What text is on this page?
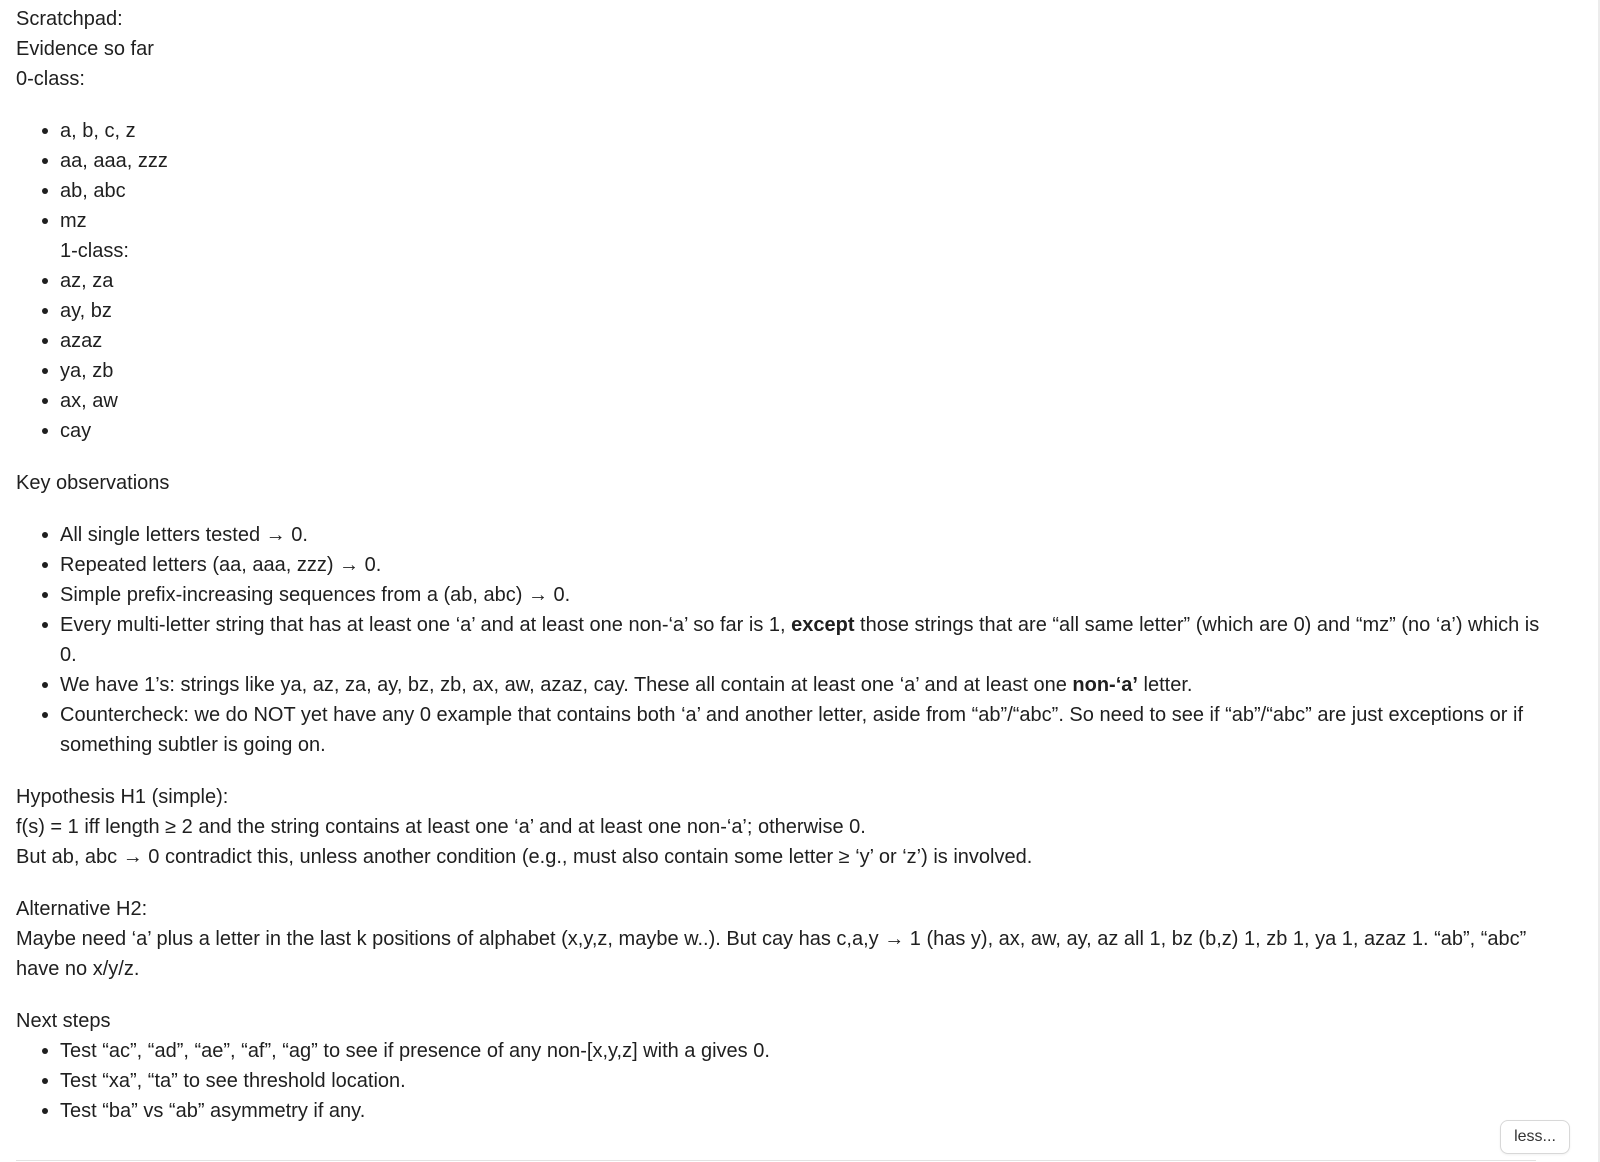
Scratchpad:

Evidence so far

0-class:

a, b, c, z
aa, aaa, zzz
ab, abc
mz
1-class:
az, za
ay, bz
azaz
ya, zb
ax, aw
cay

Key observations

All single letters tested → 0.
Repeated letters (aa, aaa, zzz) → 0.
Simple prefix-increasing sequences from a (ab, abc) → 0.
Every multi-letter string that has at least one ‘a’ and at least one non-‘a’ so far is 1, except those strings that are “all same letter” (which are 0) and “mz” (no ‘a’) which is 0.
We have 1’s: strings like ya, az, za, ay, bz, zb, ax, aw, azaz, cay. These all contain at least one ‘a’ and at least one non-‘a’ letter.
Countercheck: we do NOT yet have any 0 example that contains both ‘a’ and another letter, aside from “ab”/“abc”. So need to see if “ab”/“abc” are just exceptions or if something subtler is going on.

Hypothesis H1 (simple):

f(s) = 1 iff length ≥ 2 and the string contains at least one ‘a’ and at least one non-‘a’; otherwise 0.

But ab, abc → 0 contradict this, unless another condition (e.g., must also contain some letter ≥ ‘y’ or ‘z’) is involved.

Alternative H2:

Maybe need ‘a’ plus a letter in the last k positions of alphabet (x,y,z, maybe w..). But cay has c,a,y → 1 (has y), ax, aw, ay, az all 1, bz (b,z) 1, zb 1, ya 1, azaz 1. “ab”, “abc” have no x/y/z.

Next steps

Test “ac”, “ad”, “ae”, “af”, “ag” to see if presence of any non-[x,y,z] with a gives 0.
Test “xa”, “ta” to see threshold location.
Test “ba” vs “ab” asymmetry if any.
less...
